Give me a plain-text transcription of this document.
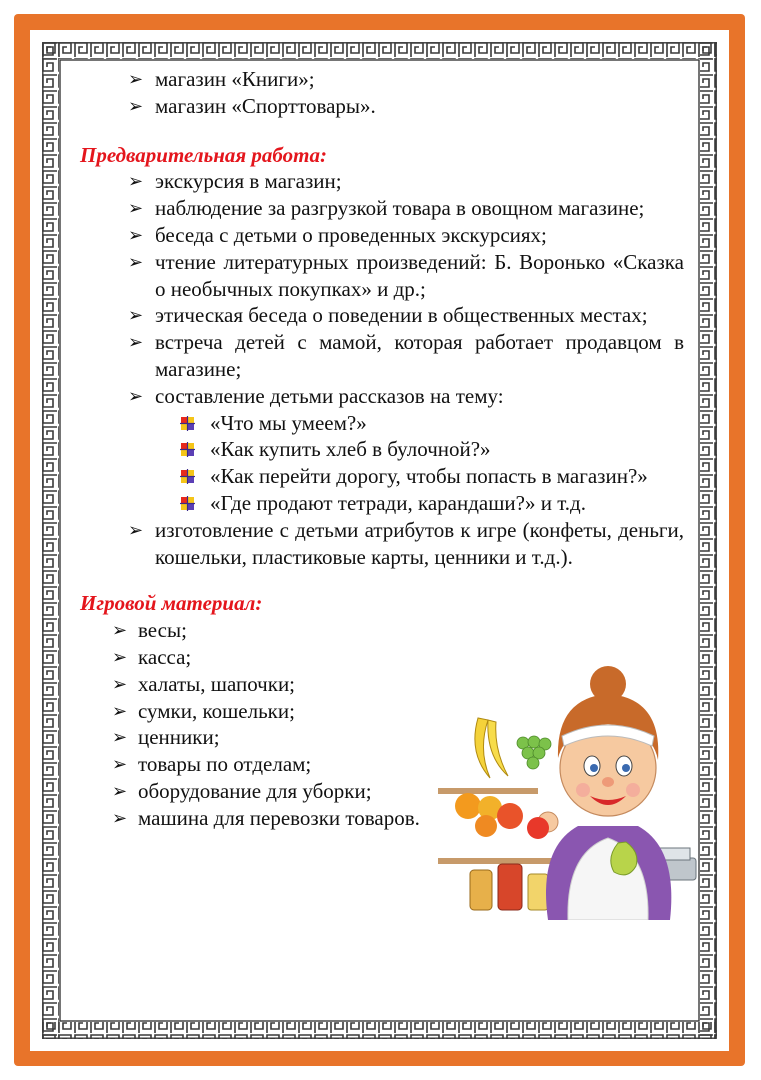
➢ магазин «Книги»;
➢ магазин «Спорттовары».

Предварительная работа:

➢ экскурсия в магазин;
➢ наблюдение за разгрузкой товара в овощном магазине;
➢ беседа с детьми о проведенных экскурсиях;
➢ чтение литературных произведений: Б. Воронько «Сказка о необычных покупках» и др.;
➢ этическая беседа о поведении в общественных местах;
➢ встреча детей с мамой, которая работает продавцом в магазине;
➢ составление детьми рассказов на тему:
«Что мы умеем?»
«Как купить хлеб в булочной?»
«Как перейти дорогу, чтобы попасть в магазин?»
«Где продают тетради, карандаши?» и т.д.
➢ изготовление с детьми атрибутов к игре (конфеты, деньги, кошельки, пластиковые карты, ценники и т.д.).

Игровой материал:

➢ весы;
➢ касса;
➢ халаты, шапочки;
➢ сумки, кошельки;
➢ ценники;
➢ товары по отделам;
➢ оборудование для уборки;
➢ машина для перевозки товаров.
